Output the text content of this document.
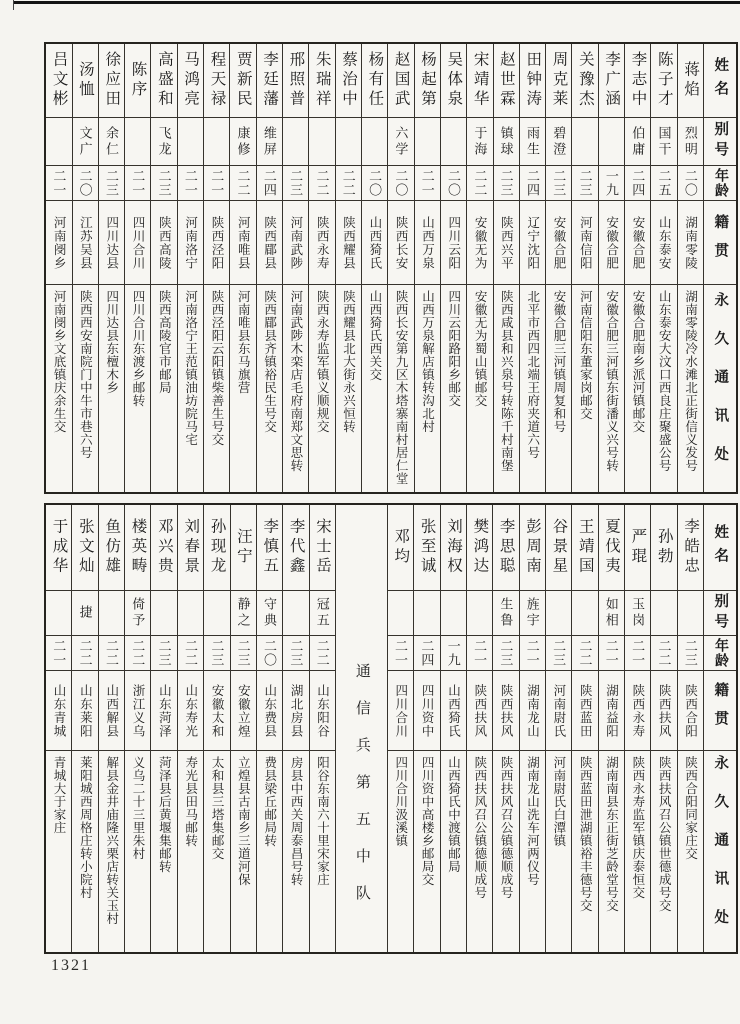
姓名
别号
年龄
籍贯
永久通讯处
蒋焰
烈明
二〇
湖南零陵
湖南零陵冷水滩北正街信义发号
陈子才
国干
二五
山东泰安
山东泰安大汶口西良庄聚盛公号
李志中
伯庸
二四
安徽合肥
安徽合肥南乡派河镇邮交
李广涵
一九
安徽合肥
安徽合肥三河镇东街潘义兴号转
关豫杰
二三
河南信阳
河南信阳东董家岗邮交
周克莱
碧澄
二三
安徽合肥
安徽合肥三河镇周复和号
田钟涛
雨生
二四
辽宁沈阳
北平市西四北端王府夹道六号
赵世霖
镇球
二三
陕西兴平
陕西咸县和兴泉号转陈千村南堡
宋靖华
于海
二二
安徽无为
安徽无为蜀山镇邮交
吴体泉
二〇
四川云阳
四川云阳路阳乡邮交
杨起第
二一
山西万泉
山西万泉解店镇转沟北村
赵国武
六学
二〇
陕西长安
陕西长安第九区木塔寨南村居仁堂
杨有任
二〇
山西猗氏
山西猗氏西关交
蔡治中
二二
陕西耀县
陕西耀县北大街永兴恒转
朱瑞祥
二二
陕西永寿
陕西永寿监军镇义顺规交
邢照普
二三
河南武陟
河南武陟木栾店毛府南郑文思转
李廷藩
维屏
二四
陕西郿县
陕西郿县齐镇裕民生号交
贾新民
康修
二二
河南唯县
河南唯县东马旗营
程天禄
二一
陕西泾阳
陕西泾阳云阳镇柴善生号交
马鸿亮
二一
河南洛宁
河南洛宁王范镇油坊院马宅
高盛和
飞龙
二三
陕西高陵
陕西高陵官市邮局
陈序
二一
四川合川
四川合川东渡乡邮转
徐应田
余仁
二三
四川达县
四川达县东檀木乡
汤恤
文广
二〇
江苏吴县
陕西西安南院门中牛市巷六号
吕文彬
二一
河南阌乡
河南阌乡文底镇庆余生交
姓名
别号
年龄
籍贯
永久通讯处
李皓忠
二三
陕西合阳
陕西合阳同家庄交
孙勃
二二
陕西扶风
陕西扶风召公镇世德成号交
严琨
玉岗
二一
陕西永寿
陕西永寿监军镇庆泰恒交
夏伐夷
如相
二一
湖南益阳
湖南南县东正街芝龄堂号交
王靖国
二二
陕西蓝田
陕西蓝田泄湖镇裕丰德号交
谷景星
二三
河南尉氏
河南尉氏白潭镇
彭周南
旌宇
二一
湖南龙山
湖南龙山洗车河两仪号
李思聪
生鲁
二三
陕西扶风
陕西扶风召公镇德顺成号
樊鸿达
二一
陕西扶风
陕西扶风召公镇德顺成号
刘海权
一九
山西猗氏
山西猗氏中渡镇邮局
张至诚
二四
四川资中
四川资中高楼乡邮局交
邓均
二一
四川合川
四川合川汲溪镇
通信兵第五中队
宋士岳
冠五
二二
山东阳谷
阳谷东南六十里宋家庄
李代鑫
二三
湖北房县
房县中西关周泰昌号转
李慎五
守典
二〇
山东费县
费县梁丘邮局转
汪宁
静之
二三
安徽立煌
立煌县古南乡三道河保
孙现龙
二三
安徽太和
太和县三塔集邮交
刘春景
二二
山东寿光
寿光县田马邮转
邓兴贵
二三
山东菏泽
菏泽县后黄堰集邮转
楼英畴
倚予
二二
浙江义乌
义乌二十三里朱村
鱼仿雄
二二
山西解县
解县金井庙隆兴栗店转关玉村
张文灿
捷
二二
山东莱阳
莱阳城西周格庄转小院村
于成华
二一
山东青城
青城大于家庄
1321
